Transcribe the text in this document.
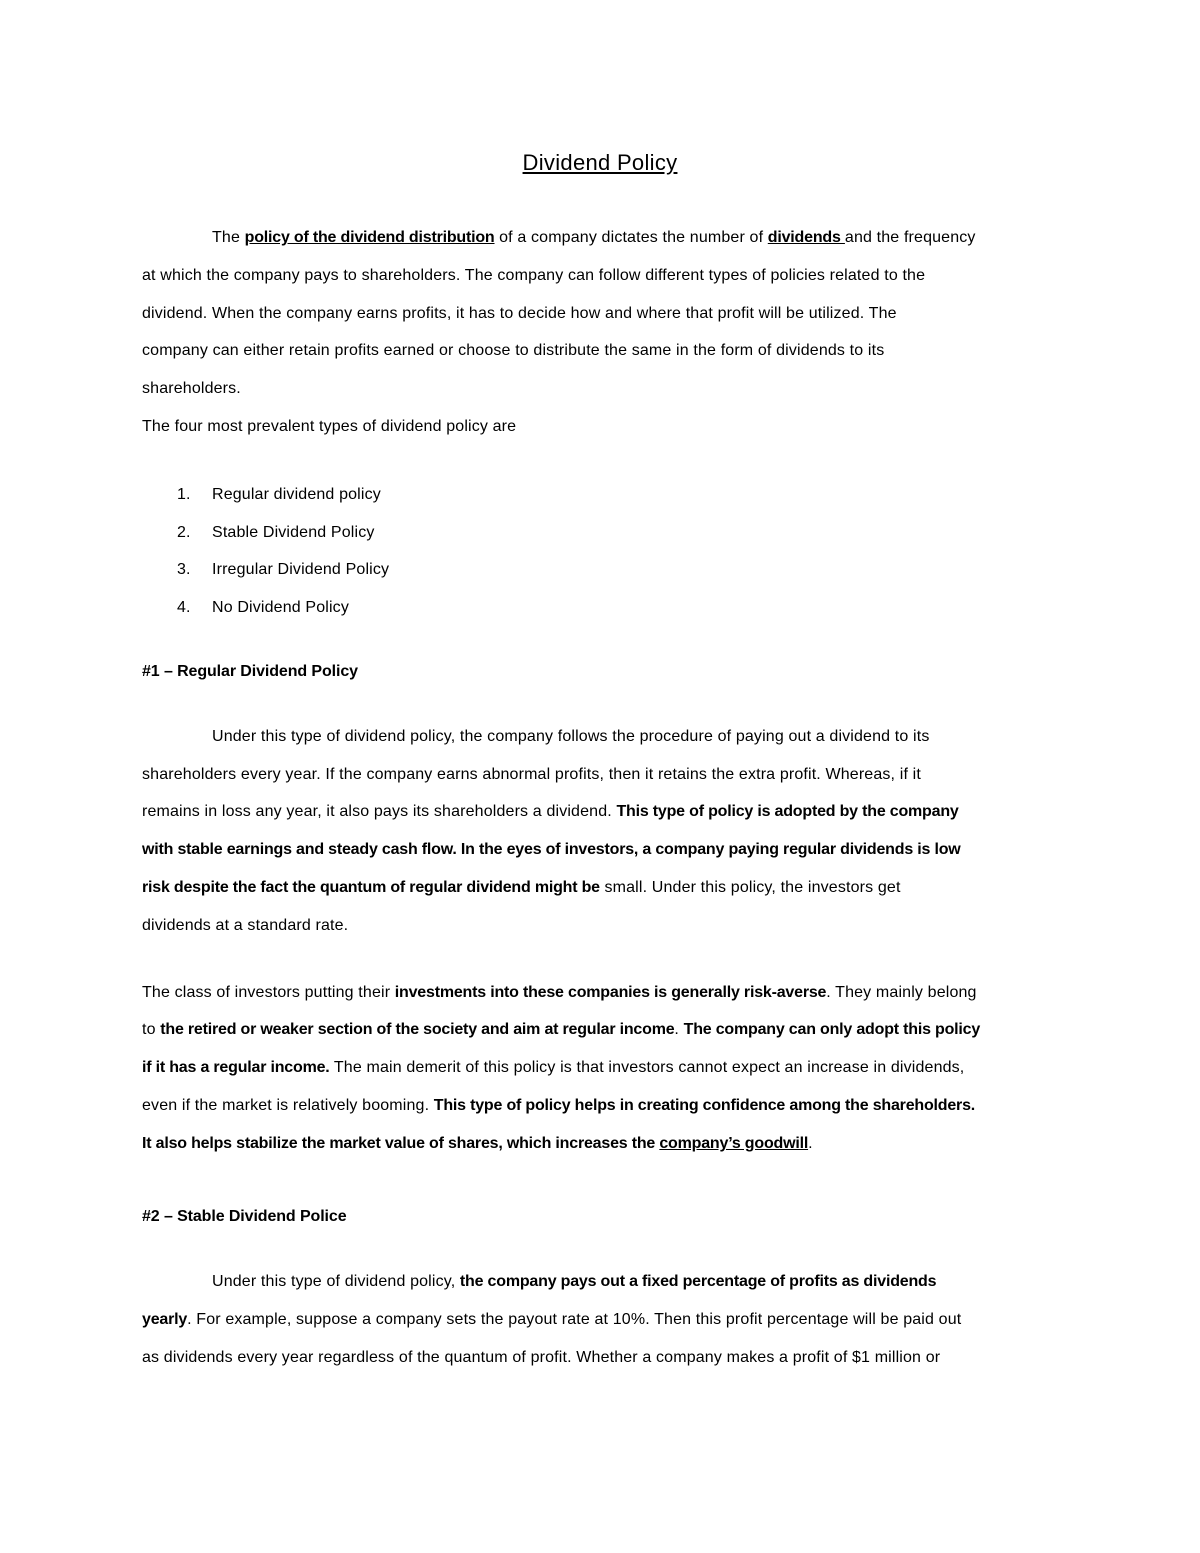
Dividend Policy
The policy of the dividend distribution of a company dictates the number of dividends and the frequency
at which the company pays to shareholders. The company can follow different types of policies related to the
dividend. When the company earns profits, it has to decide how and where that profit will be utilized. The
company can either retain profits earned or choose to distribute the same in the form of dividends to its
shareholders.
The four most prevalent types of dividend policy are
1. Regular dividend policy
2. Stable Dividend Policy
3. Irregular Dividend Policy
4. No Dividend Policy
#1 – Regular Dividend Policy
Under this type of dividend policy, the company follows the procedure of paying out a dividend to its
shareholders every year. If the company earns abnormal profits, then it retains the extra profit. Whereas, if it
remains in loss any year, it also pays its shareholders a dividend. This type of policy is adopted by the company
with stable earnings and steady cash flow. In the eyes of investors, a company paying regular dividends is low
risk despite the fact the quantum of regular dividend might be small. Under this policy, the investors get
dividends at a standard rate.
The class of investors putting their investments into these companies is generally risk-averse. They mainly belong
to the retired or weaker section of the society and aim at regular income. The company can only adopt this policy
if it has a regular income. The main demerit of this policy is that investors cannot expect an increase in dividends,
even if the market is relatively booming. This type of policy helps in creating confidence among the shareholders.
It also helps stabilize the market value of shares, which increases the company’s goodwill.
#2 – Stable Dividend Police
Under this type of dividend policy, the company pays out a fixed percentage of profits as dividends
yearly. For example, suppose a company sets the payout rate at 10%. Then this profit percentage will be paid out
as dividends every year regardless of the quantum of profit. Whether a company makes a profit of $1 million or
